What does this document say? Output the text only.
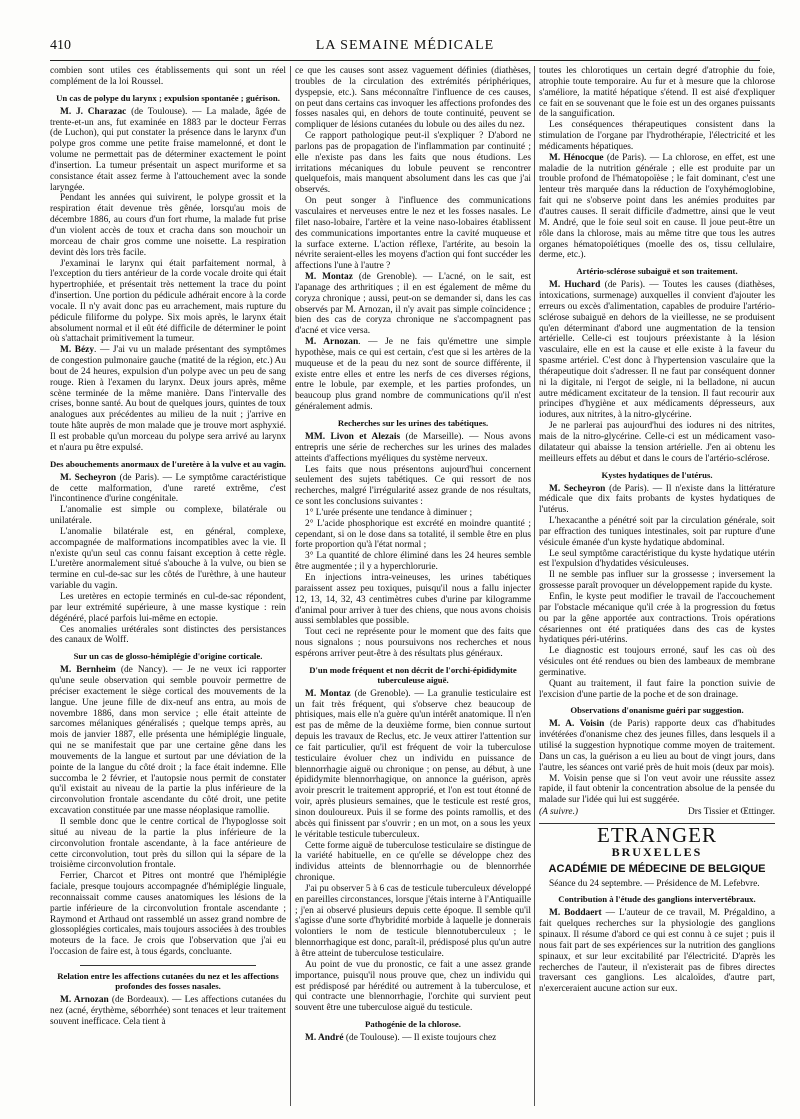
410	LA SEMAINE MÉDICALE

combien sont utiles ces établissements qui sont un réel complément de la loi Roussel.

Un cas de polype du larynx ; expulsion spontanée ; guérison.

M. J. Charazac (de Toulouse). — La malade, âgée de trente-et-un ans, fut examinée en 1883 par le docteur Ferras (de Luchon), qui put constater la présence dans le larynx d'un polype gros comme une petite fraise mamelonné, et dont le volume ne permettait pas de déterminer exactement le point d'insertion. La tumeur présentait un aspect muriforme et sa consistance était assez ferme à l'attouchement avec la sonde laryngée.

Pendant les années qui suivirent, le polype grossit et la respiration était devenue très gênée, lorsqu'au mois de décembre 1886, au cours d'un fort rhume, la malade fut prise d'un violent accès de toux et cracha dans son mouchoir un morceau de chair gros comme une noisette. La respiration devint dès lors très facile.

J'examinai le larynx qui était parfaitement normal, à l'exception du tiers antérieur de la corde vocale droite qui était hypertrophiée, et présentait très nettement la trace du point d'insertion. Une portion du pédicule adhérait encore à la corde vocale. Il n'y avait donc pas eu arrachement, mais rupture du pédicule filiforme du polype. Six mois après, le larynx était absolument normal et il eût été difficile de déterminer le point où s'attachait primitivement la tumeur.

M. Bézy. — J'ai vu un malade présentant des symptômes de congestion pulmonaire gauche (matité de la région, etc.) Au bout de 24 heures, expulsion d'un polype avec un peu de sang rouge. Rien à l'examen du larynx. Deux jours après, même scène terminée de la même manière. Dans l'intervalle des crises, bonne santé. Au bout de quelques jours, quintes de toux analogues aux précédentes au milieu de la nuit ; j'arrive en toute hâte auprès de mon malade que je trouve mort asphyxié. Il est probable qu'un morceau du polype sera arrivé au larynx et n'aura pu être expulsé.

Des abouchements anormaux de l'uretère à la vulve et au vagin.

M. Secheyron (de Paris). — Le symptôme caractéristique de cette malformation, d'une rareté extrême, c'est l'incontinence d'urine congénitale.

L'anomalie est simple ou complexe, bilatérale ou unilatérale.

L'anomalie bilatérale est, en général, complexe, accompagnée de malformations incompatibles avec la vie. Il n'existe qu'un seul cas connu faisant exception à cette règle. L'uretère anormalement situé s'abouche à la vulve, ou bien se termine en cul-de-sac sur les côtés de l'urèthre, à une hauteur variable du vagin.

Les uretères en ectopie terminés en cul-de-sac répondent, par leur extrémité supérieure, à une masse kystique : rein dégénéré, placé parfois lui-même en ectopie.

Ces anomalies urétérales sont distinctes des persistances des canaux de Wolff.

Sur un cas de glosso-hémiplégie d'origine corticale.

M. Bernheim (de Nancy). — Je ne veux ici rapporter qu'une seule observation qui semble pouvoir permettre de préciser exactement le siège cortical des mouvements de la langue. Une jeune fille de dix-neuf ans entra, au mois de novembre 1886, dans mon service ; elle était atteinte de sarcomes mélaniques généralisés ; quelque temps après, au mois de janvier 1887, elle présenta une hémiplégie linguale, qui ne se manifestait que par une certaine gêne dans les mouvements de la langue et surtout par une déviation de la pointe de la langue du côté droit ; la face était indemne. Elle succomba le 2 février, et l'autopsie nous permit de constater qu'il existait au niveau de la partie la plus inférieure de la circonvolution frontale ascendante du côté droit, une petite excavation constituée par une masse néoplasique ramollie.

Il semble donc que le centre cortical de l'hypoglosse soit situé au niveau de la partie la plus inférieure de la circonvolution frontale ascendante, à la face antérieure de cette circonvolution, tout près du sillon qui la sépare de la troisième circonvolution frontale.

Ferrier, Charcot et Pitres ont montré que l'hémiplégie faciale, presque toujours accompagnée d'hémiplégie linguale, reconnaissait comme causes anatomiques les lésions de la partie inférieure de la circonvolution frontale ascendante ; Raymond et Arthaud ont rassemblé un assez grand nombre de glossoplégies corticales, mais toujours associées à des troubles moteurs de la face. Je crois que l'observation que j'ai eu l'occasion de faire est, à tous égards, concluante.

Relation entre les affections cutanées du nez et les affections profondes des fosses nasales.

M. Arnozan (de Bordeaux). — Les affections cutanées du nez (acné, érythème, séborrhée) sont tenaces et leur traitement souvent inefficace. Cela tient à

ce que les causes sont assez vaguement définies (diathèses, troubles de la circulation des extrémités périphériques, dyspepsie, etc.). Sans méconnaître l'influence de ces causes, on peut dans certains cas invoquer les affections profondes des fosses nasales qui, en dehors de toute continuité, peuvent se compliquer de lésions cutanées du lobule ou des ailes du nez.

Ce rapport pathologique peut-il s'expliquer ? D'abord ne parlons pas de propagation de l'inflammation par continuité ; elle n'existe pas dans les faits que nous étudions. Les irritations mécaniques du lobule peuvent se rencontrer quelquefois, mais manquent absolument dans les cas que j'ai observés.

On peut songer à l'influence des communications vasculaires et nerveuses entre le nez et les fosses nasales. Le filet naso-lobaire, l'artère et la veine naso-lobaires établissent des communications importantes entre la cavité muqueuse et la surface externe. L'action réflexe, l'artérite, au besoin la névrite seraient-elles les moyens d'action qui font succéder les affections l'une à l'autre ?

M. Montaz (de Grenoble). — L'acné, on le sait, est l'apanage des arthritiques ; il en est également de même du coryza chronique ; aussi, peut-on se demander si, dans les cas observés par M. Arnozan, il n'y avait pas simple coïncidence ; bien des cas de coryza chronique ne s'accompagnent pas d'acné et vice versa.

M. Arnozan. — Je ne fais qu'émettre une simple hypothèse, mais ce qui est certain, c'est que si les artères de la muqueuse et de la peau du nez sont de source différente, il existe entre elles et entre les nerfs de ces diverses régions, entre le lobule, par exemple, et les parties profondes, un beaucoup plus grand nombre de communications qu'il n'est généralement admis.

Recherches sur les urines des tabétiques.

MM. Livon et Alezais (de Marseille). — Nous avons entrepris une série de recherches sur les urines des malades atteints d'affections myéliques du système nerveux.

Les faits que nous présentons aujourd'hui concernent seulement des sujets tabétiques. Ce qui ressort de nos recherches, malgré l'irrégularité assez grande de nos résultats, ce sont les conclusions suivantes :

1° L'urée présente une tendance à diminuer ;

2° L'acide phosphorique est excrété en moindre quantité ; cependant, si on le dose dans sa totalité, il semble être en plus forte proportion qu'à l'état normal ;

3° La quantité de chlore éliminé dans les 24 heures semble être augmentée ; il y a hyperchlorurie.

En injections intra-veineuses, les urines tabétiques paraissent assez peu toxiques, puisqu'il nous a fallu injecter 12, 13, 14, 32, 43 centimètres cubes d'urine par kilogramme d'animal pour arriver à tuer des chiens, que nous avons choisis aussi semblables que possible.

Tout ceci ne représente pour le moment que des faits que nous signalons ; nous poursuivons nos recherches et nous espérons arriver peut-être à des résultats plus généraux.

D'un mode fréquent et non décrit de l'orchi-épididymite tuberculeuse aiguë.

M. Montaz (de Grenoble). — La granulie testiculaire est un fait très fréquent, qui s'observe chez beaucoup de phtisiques, mais elle n'a guère qu'un intérêt anatomique. Il n'en est pas de même de la deuxième forme, bien connue surtout depuis les travaux de Reclus, etc. Je veux attirer l'attention sur ce fait particulier, qu'il est fréquent de voir la tuberculose testiculaire évoluer chez un individu en puissance de blennorrhagie aiguë ou chronique ; on pense, au début, à une épididymite blennorrhagique, on annonce la guérison, après avoir prescrit le traitement approprié, et l'on est tout étonné de voir, après plusieurs semaines, que le testicule est resté gros, sinon douloureux. Puis il se forme des points ramollis, et des abcès qui finissent par s'ouvrir ; en un mot, on a sous les yeux le véritable testicule tuberculeux.

Cette forme aiguë de tuberculose testiculaire se distingue de la variété habituelle, en ce qu'elle se développe chez des individus atteints de blennorrhagie ou de blennorrhée chronique.

J'ai pu observer 5 à 6 cas de testicule tuberculeux développé en pareilles circonstances, lorsque j'étais interne à l'Antiquaille ; j'en ai observé plusieurs depuis cette époque. Il semble qu'il s'agisse d'une sorte d'hybridité morbide à laquelle je donnerais volontiers le nom de testicule blennotuberculeux ; le blennorrhagique est donc, paraît-il, prédisposé plus qu'un autre à être atteint de tuberculose testiculaire.

Au point de vue du pronostic, ce fait a une assez grande importance, puisqu'il nous prouve que, chez un individu qui est prédisposé par hérédité ou autrement à la tuberculose, et qui contracte une blennorrhagie, l'orchite qui survient peut souvent être une tuberculose aiguë du testicule.

Pathogénie de la chlorose.

M. André (de Toulouse). — Il existe toujours chez

toutes les chlorotiques un certain degré d'atrophie du foie, atrophie toute temporaire. Au fur et à mesure que la chlorose s'améliore, la matité hépatique s'étend. Il est aisé d'expliquer ce fait en se souvenant que le foie est un des organes puissants de la sanguification.

Les conséquences thérapeutiques consistent dans la stimulation de l'organe par l'hydrothérapie, l'électricité et les médicaments hépatiques.

M. Hénocque (de Paris). — La chlorose, en effet, est une maladie de la nutrition générale ; elle est produite par un trouble profond de l'hématopoïèse ; le fait dominant, c'est une lenteur très marquée dans la réduction de l'oxyhémoglobine, fait qui ne s'observe point dans les anémies produites par d'autres causes. Il serait difficile d'admettre, ainsi que le veut M. André, que le foie seul soit en cause. Il joue peut-être un rôle dans la chlorose, mais au même titre que tous les autres organes hématopoïétiques (moelle des os, tissu cellulaire, derme, etc.).

Artério-sclérose subaiguë et son traitement.

M. Huchard (de Paris). — Toutes les causes (diathèses, intoxications, surmenage) auxquelles il convient d'ajouter les erreurs ou excès d'alimentation, capables de produire l'artério-sclérose subaiguë en dehors de la vieillesse, ne se produisent qu'en déterminant d'abord une augmentation de la tension artérielle. Celle-ci est toujours préexistante à la lésion vasculaire, elle en est la cause et elle existe à la faveur du spasme artériel. C'est donc à l'hypertension vasculaire que la thérapeutique doit s'adresser. Il ne faut par conséquent donner ni la digitale, ni l'ergot de seigle, ni la belladone, ni aucun autre médicament excitateur de la tension. Il faut recourir aux principes d'hygiène et aux médicaments dépresseurs, aux iodures, aux nitrites, à la nitro-glycérine.

Je ne parlerai pas aujourd'hui des iodures ni des nitrites, mais de la nitro-glycérine. Celle-ci est un médicament vaso-dilatateur qui abaisse la tension artérielle. J'en ai obtenu les meilleurs effets au début et dans le cours de l'artério-sclérose.

Kystes hydatiques de l'utérus.

M. Secheyron (de Paris). — Il n'existe dans la littérature médicale que dix faits probants de kystes hydatiques de l'utérus.

L'hexacanthe a pénétré soit par la circulation générale, soit par effraction des tuniques intestinales, soit par rupture d'une vésicule émanée d'un kyste hydatique abdominal.

Le seul symptôme caractéristique du kyste hydatique utérin est l'expulsion d'hydatides vésiculeuses.

Il ne semble pas influer sur la grossesse ; inversement la grossesse paraît provoquer un développement rapide du kyste.

Enfin, le kyste peut modifier le travail de l'accouchement par l'obstacle mécanique qu'il crée à la progression du fœtus ou par la gêne apportée aux contractions. Trois opérations césariennes ont été pratiquées dans des cas de kystes hydatiques péri-utérins.

Le diagnostic est toujours erroné, sauf les cas où des vésicules ont été rendues ou bien des lambeaux de membrane germinative.

Quant au traitement, il faut faire la ponction suivie de l'excision d'une partie de la poche et de son drainage.

Observations d'onanisme guéri par suggestion.

M. A. Voisin (de Paris) rapporte deux cas d'habitudes invétérées d'onanisme chez des jeunes filles, dans lesquels il a utilisé la suggestion hypnotique comme moyen de traitement. Dans un cas, la guérison a eu lieu au bout de vingt jours, dans l'autre, les séances ont varié près de huit mois (deux par mois).

M. Voisin pense que si l'on veut avoir une réussite assez rapide, il faut obtenir la concentration absolue de la pensée du malade sur l'idée qui lui est suggérée.

(A suivre.)	Drs Tissier et Œttinger.
ETRANGER
BRUXELLES
ACADÉMIE DE MÉDECINE DE BELGIQUE

Séance du 24 septembre. — Présidence de M. Lefebvre.

Contribution à l'étude des ganglions intervertébraux.

M. Boddaert — L'auteur de ce travail, M. Prégaldino, a fait quelques recherches sur la physiologie des ganglions spinaux. Il résume d'abord ce qui est connu à ce sujet ; puis il nous fait part de ses expériences sur la nutrition des ganglions spinaux, et sur leur excitabilité par l'électricité. D'après les recherches de l'auteur, il n'existerait pas de fibres directes traversant ces ganglions. Les alcaloïdes, d'autre part, n'exerceraient aucune action sur eux.
